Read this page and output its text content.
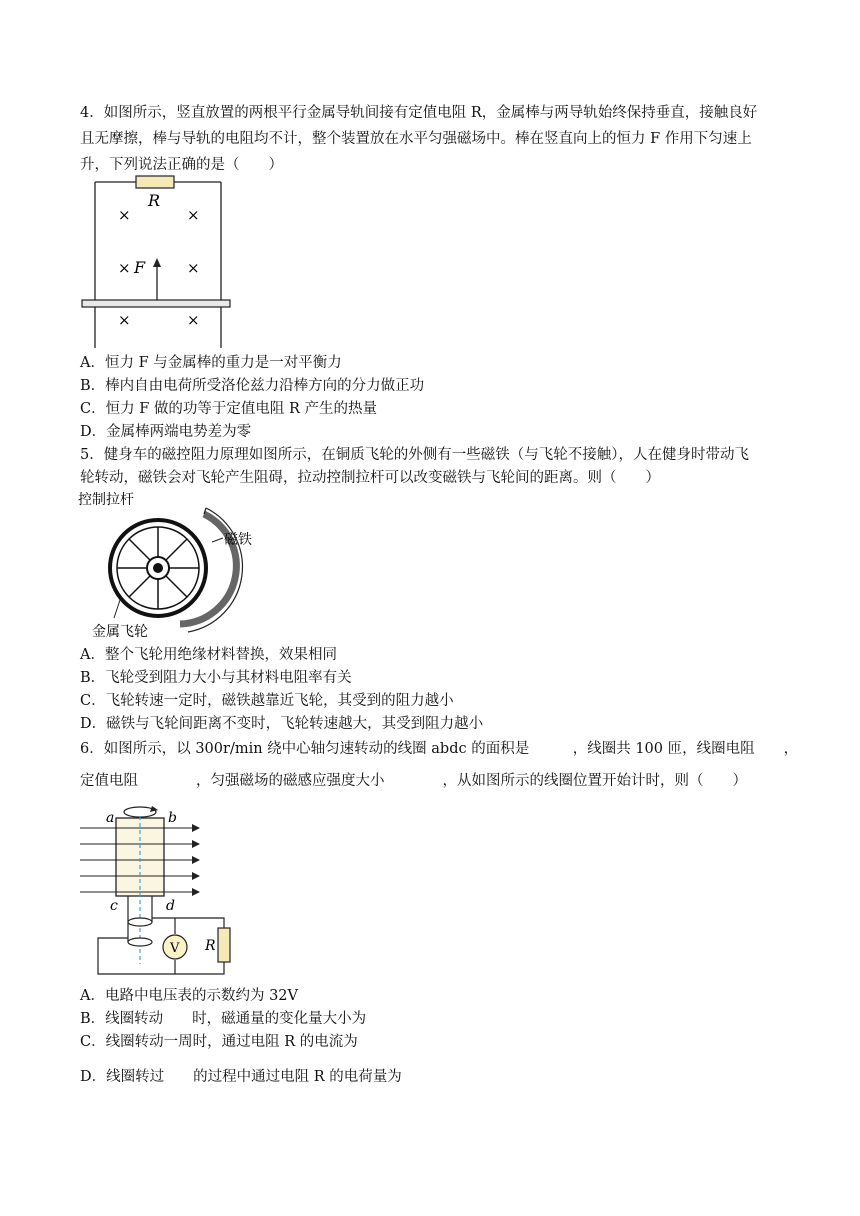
4．如图所示，竖直放置的两根平行金属导轨间接有定值电阻 R，金属棒与两导轨始终保持垂直，接触良好
且无摩擦，棒与导轨的电阻均不计，整个装置放在水平匀强磁场中。棒在竖直向上的恒力 F 作用下匀速上
升，下列说法正确的是（　　）
R
×	×
×	×
×	×
F
A．恒力 F 与金属棒的重力是一对平衡力
B．棒内自由电荷所受洛伦兹力沿棒方向的分力做正功
C．恒力 F 做的功等于定值电阻 R 产生的热量
D．金属棒两端电势差为零
5．健身车的磁控阻力原理如图所示，在铜质飞轮的外侧有一些磁铁（与飞轮不接触），人在健身时带动飞
轮转动，磁铁会对飞轮产生阻碍，拉动控制拉杆可以改变磁铁与飞轮间的距离。则（　　）
控制拉杆
磁铁
金属飞轮
A．整个飞轮用绝缘材料替换，效果相同
B．飞轮受到阻力大小与其材料电阻率有关
C．飞轮转速一定时，磁铁越靠近飞轮，其受到的阻力越小
D．磁铁与飞轮间距离不变时，飞轮转速越大，其受到阻力越小
6．如图所示，以 300r/min 绕中心轴匀速转动的线圈 abdc 的面积是　　　，线圈共 100 匝，线圈电阻　　，
定值电阻　　　　，匀强磁场的磁感应强度大小　　　　，从如图所示的线圈位置开始计时，则（　　）
a	b
c	d
R
V
A．电路中电压表的示数约为 32V
B．线圈转动　　时，磁通量的变化量大小为
C．线圈转动一周时，通过电阻 R 的电流为
D．线圈转过　　的过程中通过电阻 R 的电荷量为
